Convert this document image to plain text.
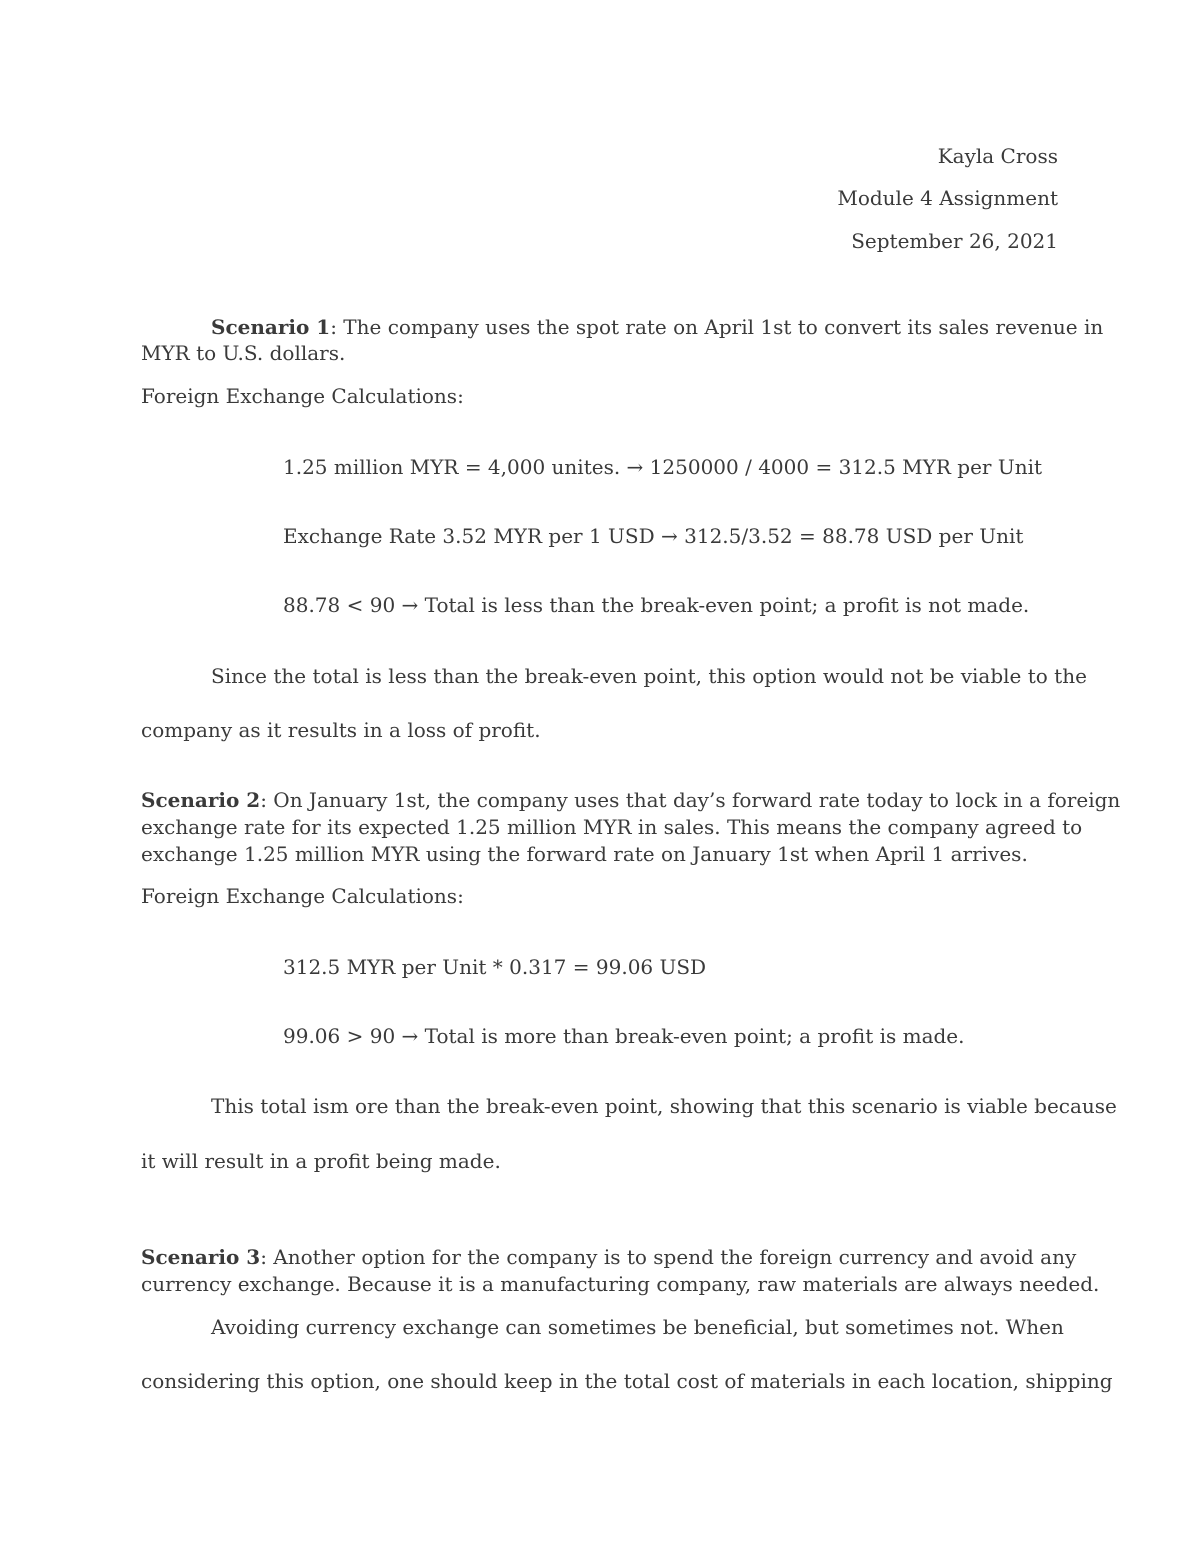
Kayla Cross
Module 4 Assignment
September 26, 2021
Scenario 1: The company uses the spot rate on April 1st to convert its sales revenue in
MYR to U.S. dollars.
Foreign Exchange Calculations:
1.25 million MYR = 4,000 unites. → 1250000 / 4000 = 312.5 MYR per Unit
Exchange Rate 3.52 MYR per 1 USD → 312.5/3.52 = 88.78 USD per Unit
88.78 < 90 → Total is less than the break-even point; a profit is not made.
Since the total is less than the break-even point, this option would not be viable to the
company as it results in a loss of profit.
Scenario 2: On January 1st, the company uses that day’s forward rate today to lock in a foreign
exchange rate for its expected 1.25 million MYR in sales. This means the company agreed to
exchange 1.25 million MYR using the forward rate on January 1st when April 1 arrives.
Foreign Exchange Calculations:
312.5 MYR per Unit * 0.317 = 99.06 USD
99.06 > 90 → Total is more than break-even point; a profit is made.
This total ism ore than the break-even point, showing that this scenario is viable because
it will result in a profit being made.
Scenario 3: Another option for the company is to spend the foreign currency and avoid any
currency exchange. Because it is a manufacturing company, raw materials are always needed.
Avoiding currency exchange can sometimes be beneficial, but sometimes not. When
considering this option, one should keep in the total cost of materials in each location, shipping
